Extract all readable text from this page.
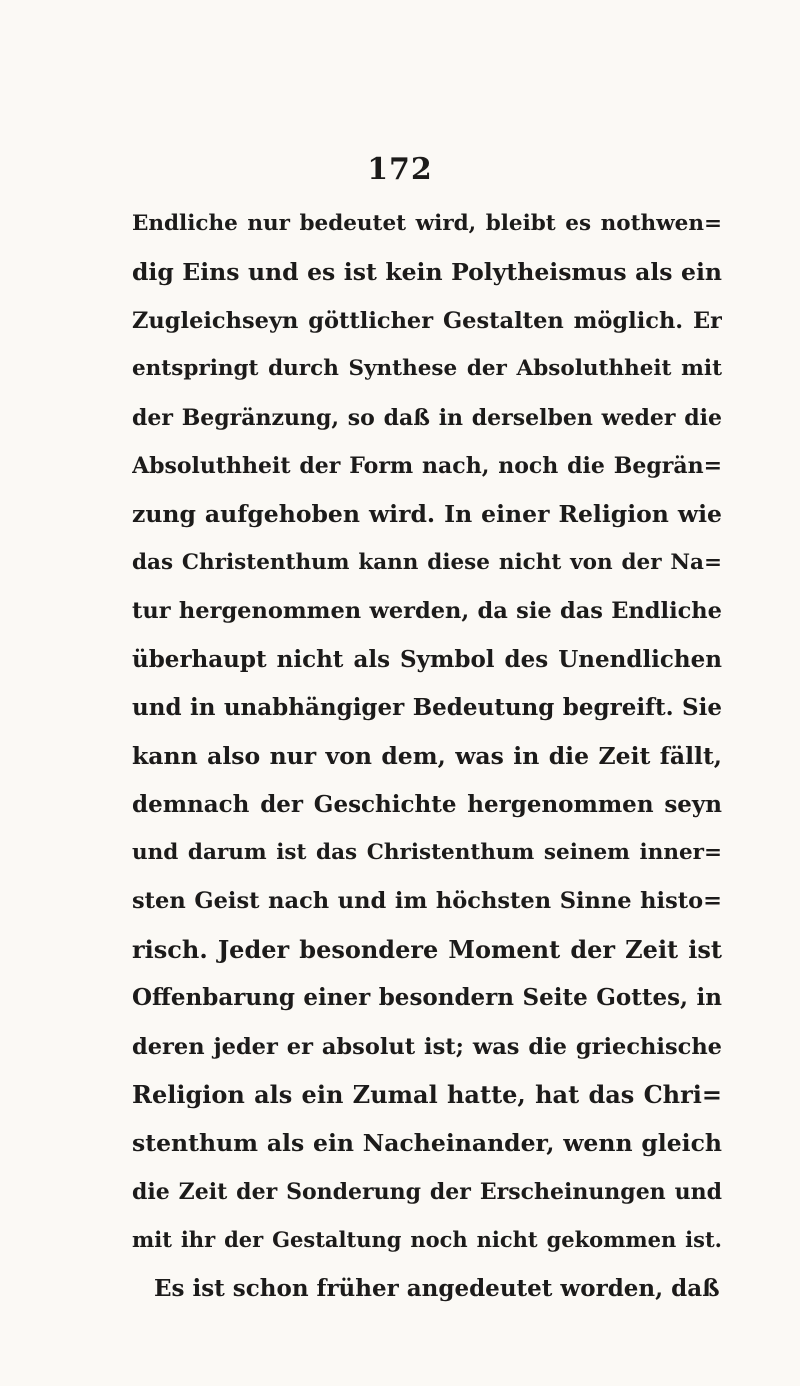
172
Endliche nur bedeutet wird, bleibt es nothwen=
dig Eins und es ist kein Polytheismus als ein
Zugleichseyn göttlicher Gestalten möglich. Er
entspringt durch Synthese der Absoluthheit mit
der Begränzung, so daß in derselben weder die
Absoluthheit der Form nach, noch die Begrän=
zung aufgehoben wird. In einer Religion wie
das Christenthum kann diese nicht von der Na=
tur hergenommen werden, da sie das Endliche
überhaupt nicht als Symbol des Unendlichen
und in unabhängiger Bedeutung begreift. Sie
kann also nur von dem, was in die Zeit fällt,
demnach der Geschichte hergenommen seyn
und darum ist das Christenthum seinem inner=
sten Geist nach und im höchsten Sinne histo=
risch. Jeder besondere Moment der Zeit ist
Offenbarung einer besondern Seite Gottes, in
deren jeder er absolut ist; was die griechische
Religion als ein Zumal hatte, hat das Chri=
stenthum als ein Nacheinander, wenn gleich
die Zeit der Sonderung der Erscheinungen und
mit ihr der Gestaltung noch nicht gekommen ist.
Es ist schon früher angedeutet worden, daß
